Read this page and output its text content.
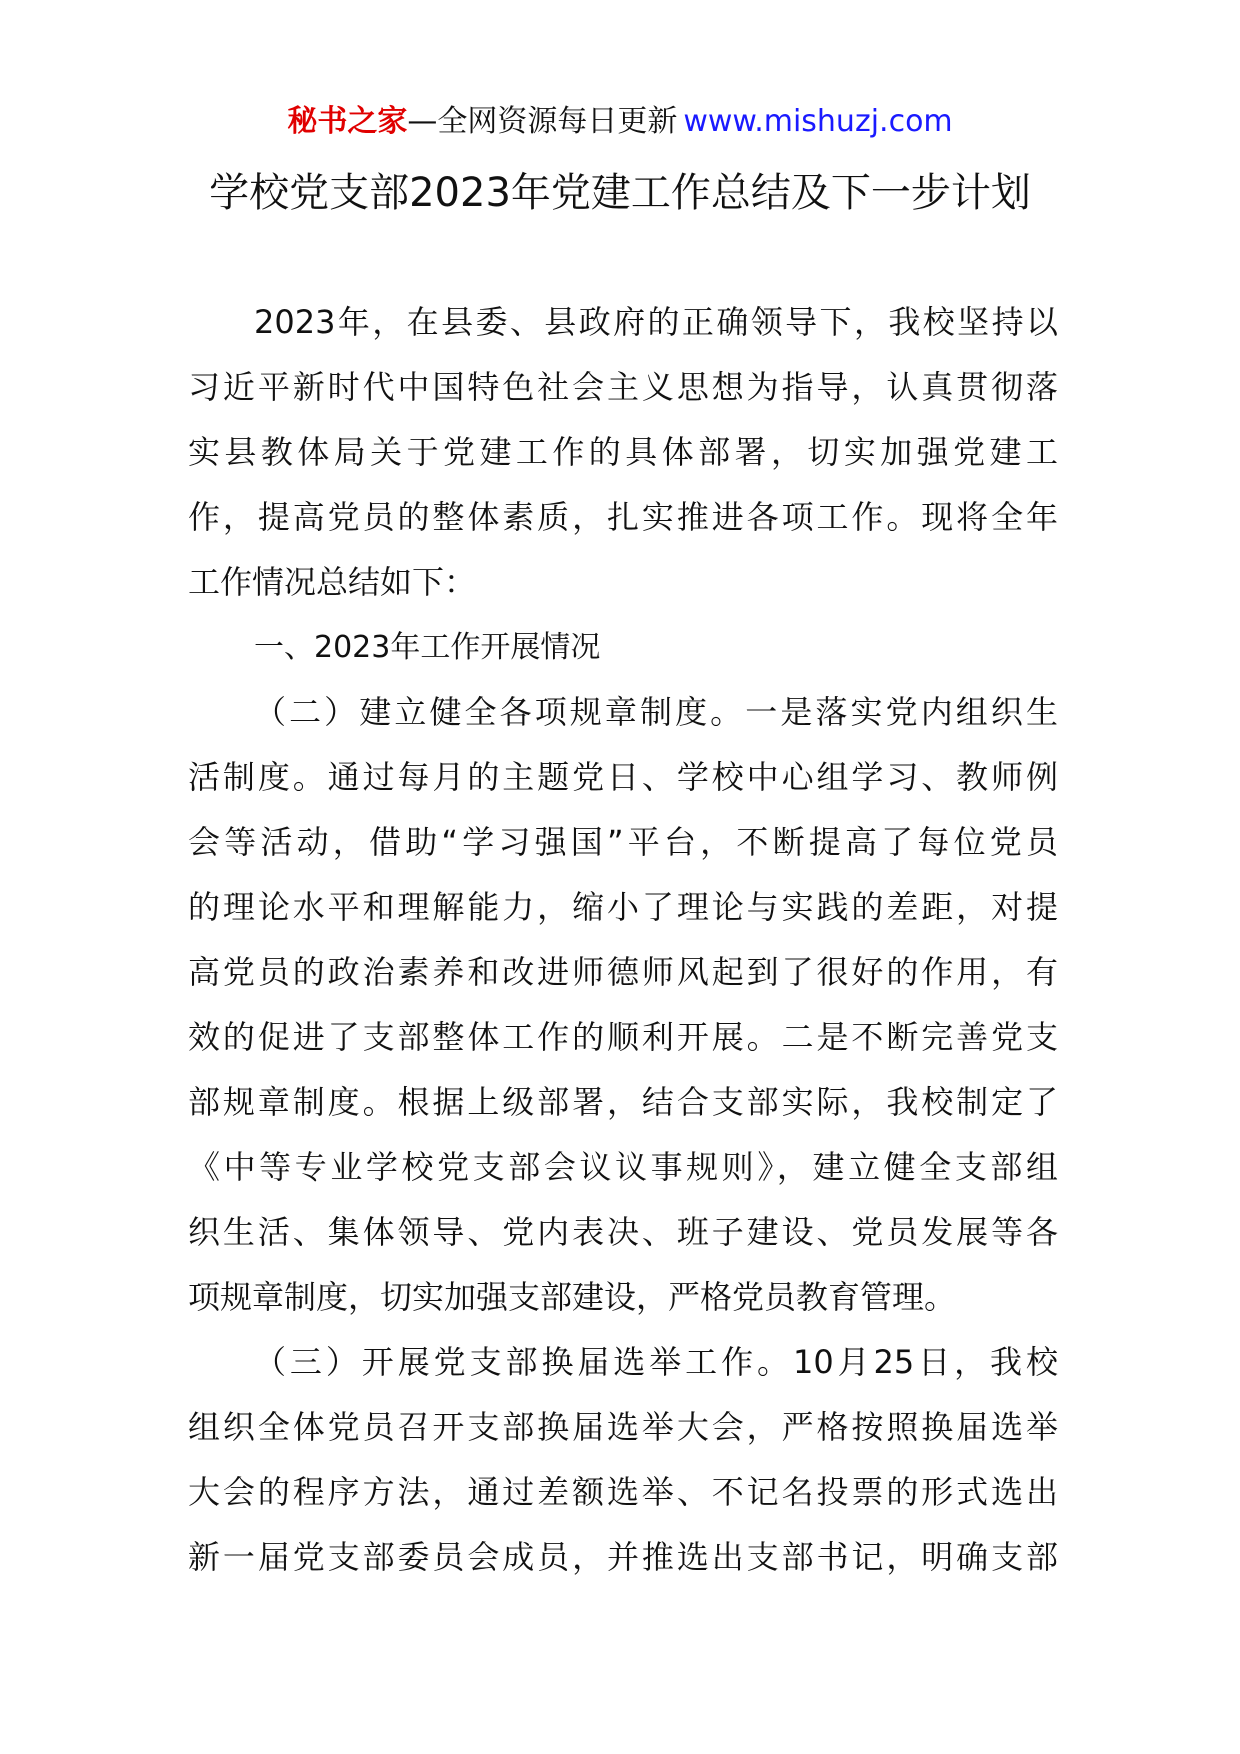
秘书之家—全网资源每日更新 www.mishuzj.com
学校党支部2023年党建工作总结及下一步计划
2023年，在县委、县政府的正确领导下，我校坚持以
习近平新时代中国特色社会主义思想为指导，认真贯彻落
实县教体局关于党建工作的具体部署，切实加强党建工
作，提高党员的整体素质，扎实推进各项工作。现将全年
工作情况总结如下：
一、2023年工作开展情况
（二）建立健全各项规章制度。一是落实党内组织生
活制度。通过每月的主题党日、学校中心组学习、教师例
会等活动，借助“学习强国”平台，不断提高了每位党员
的理论水平和理解能力，缩小了理论与实践的差距，对提
高党员的政治素养和改进师德师风起到了很好的作用，有
效的促进了支部整体工作的顺利开展。二是不断完善党支
部规章制度。根据上级部署，结合支部实际，我校制定了
《中等专业学校党支部会议议事规则》，建立健全支部组
织生活、集体领导、党内表决、班子建设、党员发展等各
项规章制度，切实加强支部建设，严格党员教育管理。
（三）开展党支部换届选举工作。10月25日，我校
组织全体党员召开支部换届选举大会，严格按照换届选举
大会的程序方法，通过差额选举、不记名投票的形式选出
新一届党支部委员会成员，并推选出支部书记，明确支部
